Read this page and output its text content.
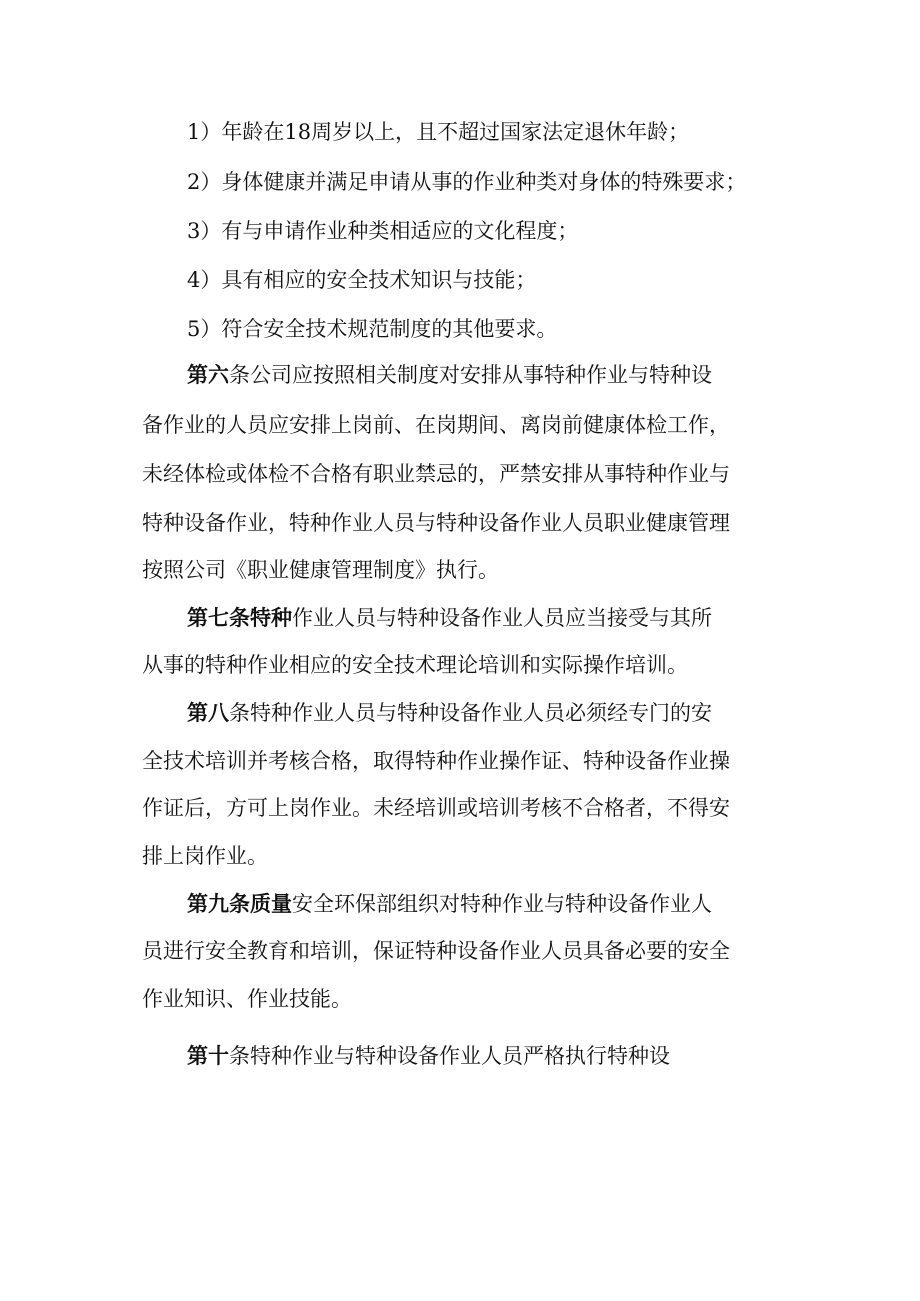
1）年龄在18周岁以上，且不超过国家法定退休年龄；
2）身体健康并满足申请从事的作业种类对身体的特殊要求；
3）有与申请作业种类相适应的文化程度；
4）具有相应的安全技术知识与技能；
5）符合安全技术规范制度的其他要求。
第六条公司应按照相关制度对安排从事特种作业与特种设
备作业的人员应安排上岗前、在岗期间、离岗前健康体检工作，
未经体检或体检不合格有职业禁忌的，严禁安排从事特种作业与
特种设备作业，特种作业人员与特种设备作业人员职业健康管理
按照公司《职业健康管理制度》执行。
第七条特种作业人员与特种设备作业人员应当接受与其所
从事的特种作业相应的安全技术理论培训和实际操作培训。
第八条特种作业人员与特种设备作业人员必须经专门的安
全技术培训并考核合格，取得特种作业操作证、特种设备作业操
作证后，方可上岗作业。未经培训或培训考核不合格者，不得安
排上岗作业。
第九条质量安全环保部组织对特种作业与特种设备作业人
员进行安全教育和培训，保证特种设备作业人员具备必要的安全
作业知识、作业技能。
第十条特种作业与特种设备作业人员严格执行特种设
